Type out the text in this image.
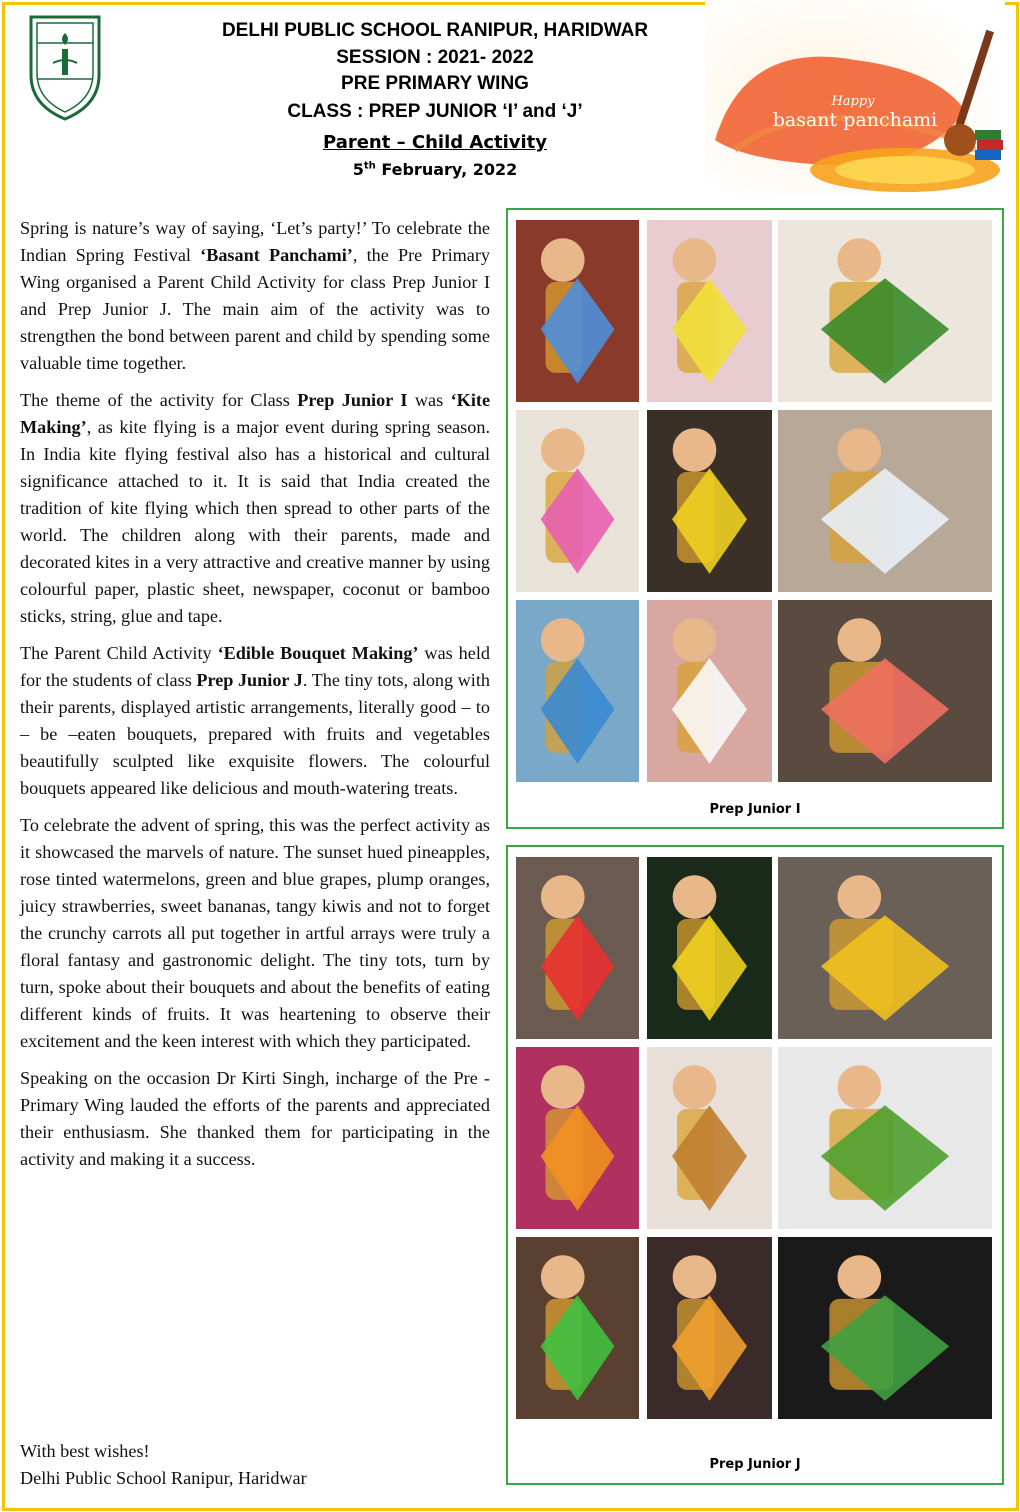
DELHI PUBLIC SCHOOL RANIPUR, HARIDWAR
SESSION : 2021- 2022
PRE PRIMARY WING
CLASS : PREP JUNIOR ‘I’ and ‘J’
Parent – Child Activity
5th February, 2022
Happy
basant panchami

Spring is nature’s way of saying, ‘Let’s party!’ To celebrate the Indian Spring Festival ‘Basant Panchami’, the Pre Primary Wing organised a Parent Child Activity for class Prep Junior I and Prep Junior J. The main aim of the activity was to strengthen the bond between parent and child by spending some valuable time together.

The theme of the activity for Class Prep Junior I was ‘Kite Making’, as kite flying is a major event during spring season. In India kite flying festival also has a historical and cultural significance attached to it. It is said that India created the tradition of kite flying which then spread to other parts of the world. The children along with their parents, made and decorated kites in a very attractive and creative manner by using colourful paper, plastic sheet, newspaper, coconut or bamboo sticks, string, glue and tape.

The Parent Child Activity ‘Edible Bouquet Making’ was held for the students of class Prep Junior J. The tiny tots, along with their parents, displayed artistic arrangements, literally good – to – be –eaten bouquets, prepared with fruits and vegetables beautifully sculpted like exquisite flowers. The colourful bouquets appeared like delicious and mouth-watering treats.

To celebrate the advent of spring, this was the perfect activity as it showcased the marvels of nature. The sunset hued pineapples, rose tinted watermelons, green and blue grapes, plump oranges, juicy strawberries, sweet bananas, tangy kiwis and not to forget the crunchy carrots all put together in artful arrays were truly a floral fantasy and gastronomic delight. The tiny tots, turn by turn, spoke about their bouquets and about the benefits of eating different kinds of fruits. It was heartening to observe their excitement and the keen interest with which they participated.

Speaking on the occasion Dr Kirti Singh, incharge of the Pre - Primary Wing lauded the efforts of the parents and appreciated their enthusiasm. She thanked them for participating in the activity and making it a success.

With best wishes!
Delhi Public School Ranipur, Haridwar
Prep Junior I
Prep Junior J
